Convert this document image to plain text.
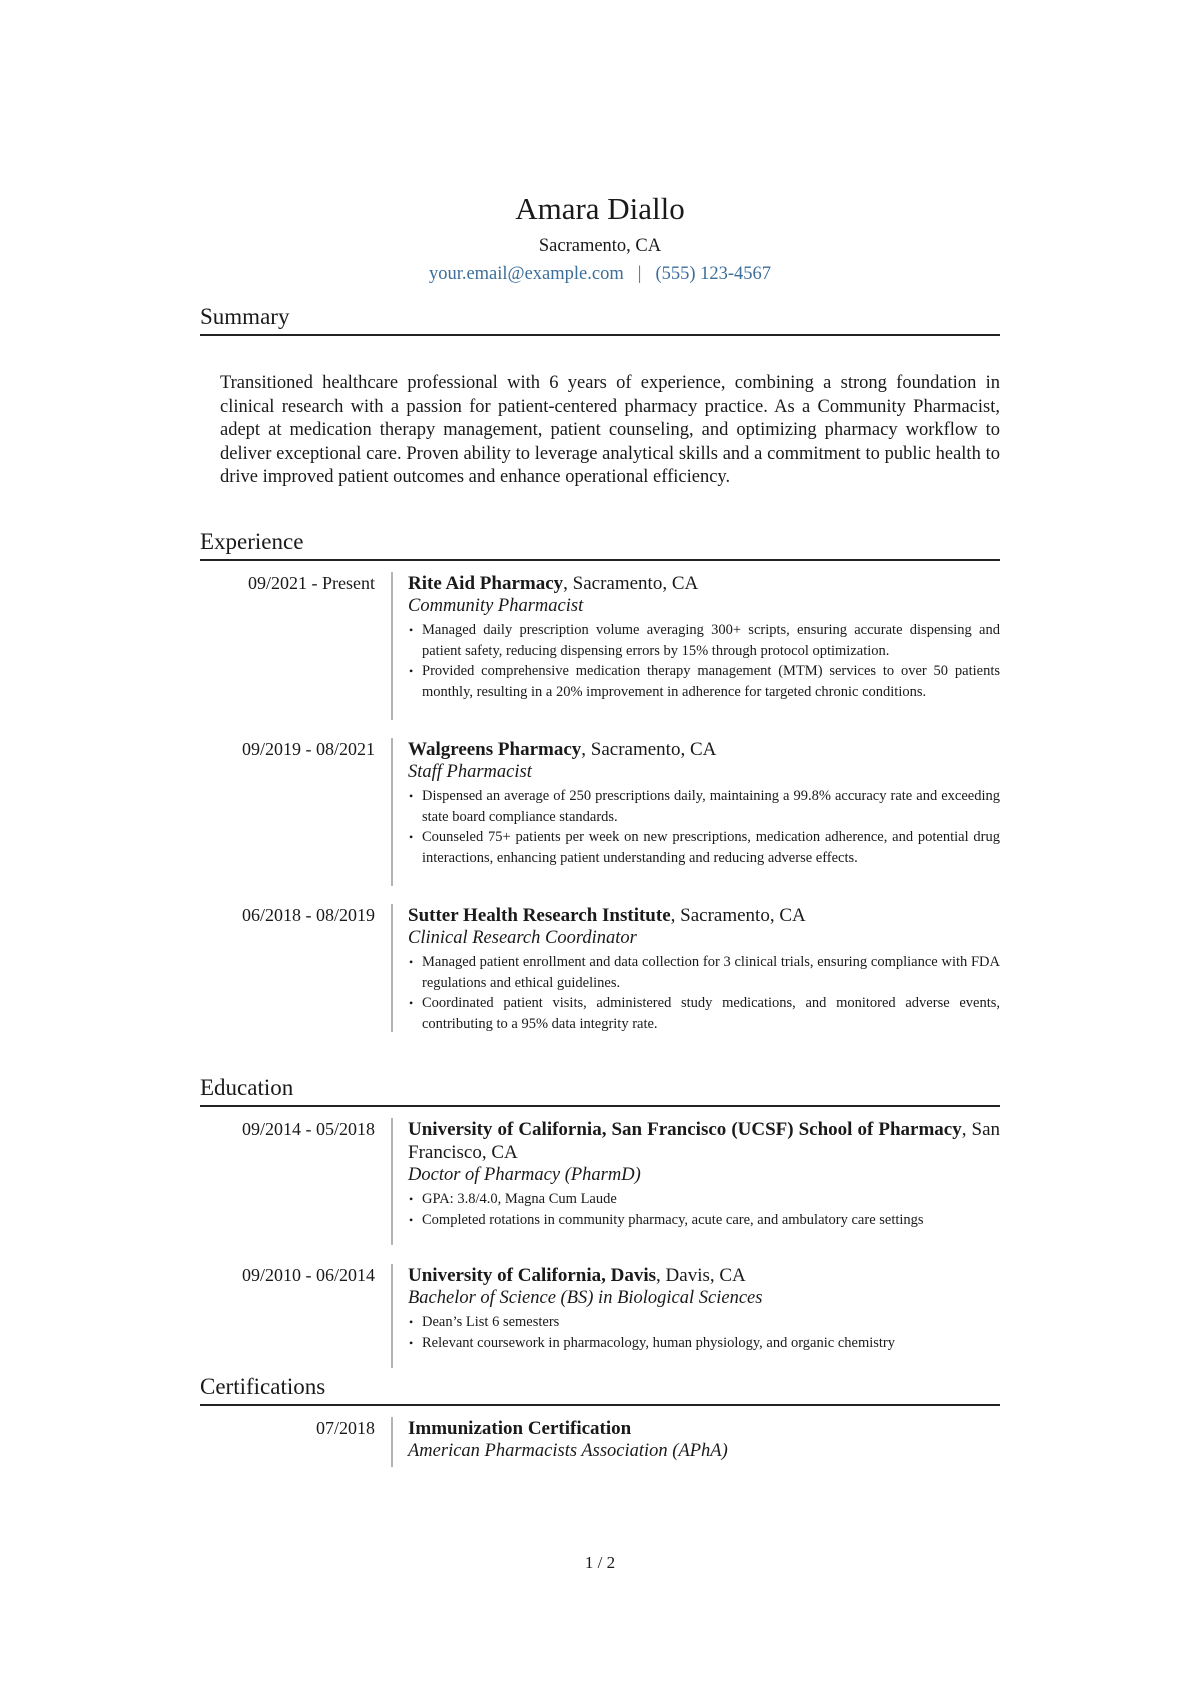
Amara Diallo
Sacramento, CA
your.email@example.com | (555) 123-4567
Summary
Transitioned healthcare professional with 6 years of experience, combining a strong foundation in clinical research with a passion for patient-centered pharmacy practice. As a Community Pharmacist, adept at medication therapy management, patient counseling, and optimizing pharmacy workflow to deliver exceptional care. Proven ability to leverage analytical skills and a commitment to public health to drive improved patient outcomes and enhance operational efficiency.
Experience
09/2021 - Present Rite Aid Pharmacy, Sacramento, CA
Community Pharmacist
• Managed daily prescription volume averaging 300+ scripts, ensuring accurate dispensing and patient safety, reducing dispensing errors by 15% through protocol optimization.
• Provided comprehensive medication therapy management (MTM) services to over 50 patients monthly, resulting in a 20% improvement in adherence for targeted chronic conditions.
09/2019 - 08/2021 Walgreens Pharmacy, Sacramento, CA
Staff Pharmacist
• Dispensed an average of 250 prescriptions daily, maintaining a 99.8% accuracy rate and exceeding state board compliance standards.
• Counseled 75+ patients per week on new prescriptions, medication adherence, and potential drug interactions, enhancing patient understanding and reducing adverse effects.
06/2018 - 08/2019 Sutter Health Research Institute, Sacramento, CA
Clinical Research Coordinator
• Managed patient enrollment and data collection for 3 clinical trials, ensuring compliance with FDA regulations and ethical guidelines.
• Coordinated patient visits, administered study medications, and monitored adverse events, contributing to a 95% data integrity rate.
Education
09/2014 - 05/2018 University of California, San Francisco (UCSF) School of Pharmacy, San Francisco, CA
Doctor of Pharmacy (PharmD)
• GPA: 3.8/4.0, Magna Cum Laude
• Completed rotations in community pharmacy, acute care, and ambulatory care settings
09/2010 - 06/2014 University of California, Davis, Davis, CA
Bachelor of Science (BS) in Biological Sciences
• Dean’s List 6 semesters
• Relevant coursework in pharmacology, human physiology, and organic chemistry
Certifications
07/2018 Immunization Certification
American Pharmacists Association (APhA)
1 / 2
